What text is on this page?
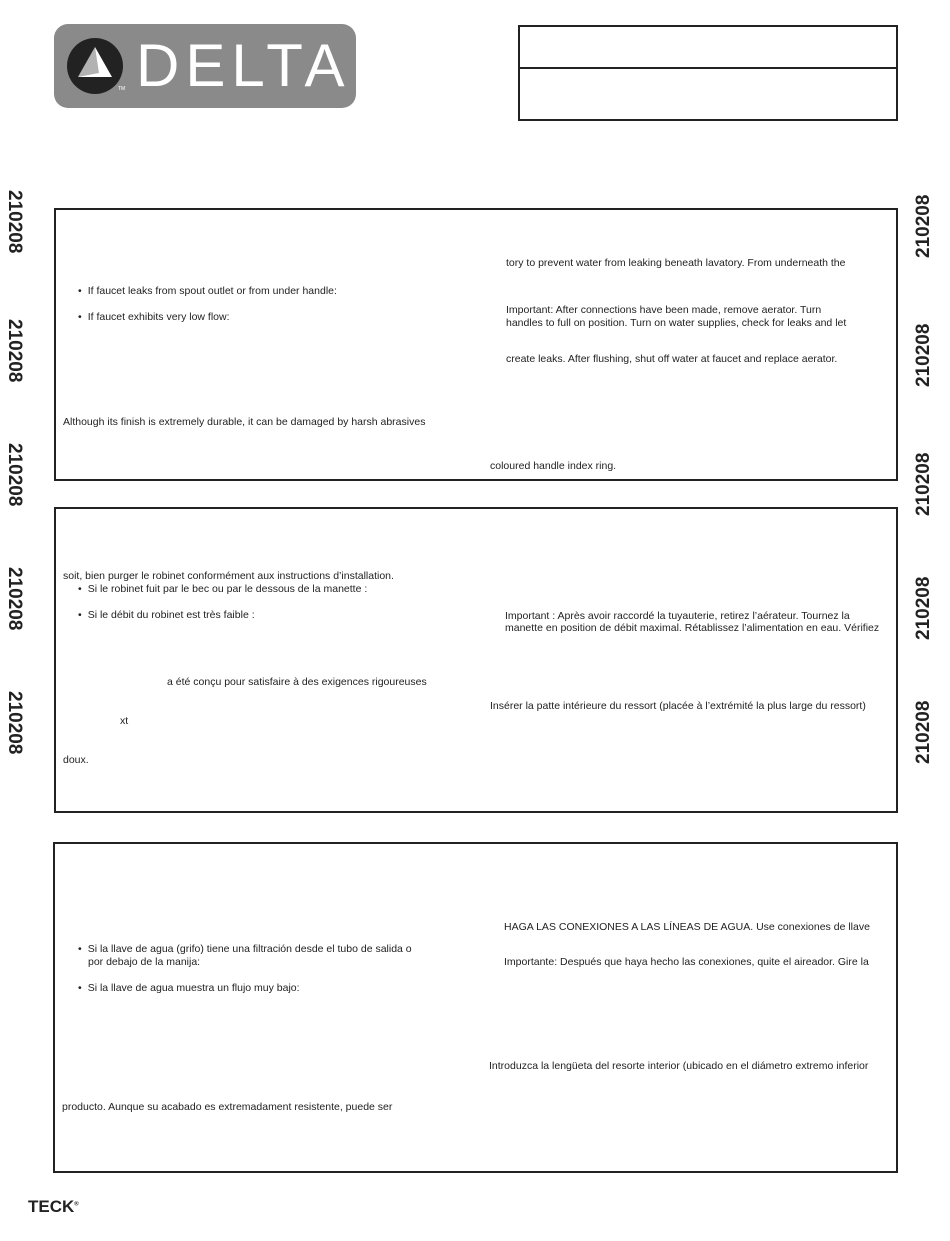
TM DELTA	®
210208
210208
210208
210208
210208
210208
210208
210208
210208
210208
• If faucet leaks from spout outlet or from under handle:
• If faucet exhibits very low flow:
Although its finish is extremely durable, it can be damaged by harsh abrasives
tory to prevent water from leaking beneath lavatory. From underneath the
Important: After connections have been made, remove aerator. Turn
handles to full on position. Turn on water supplies, check for leaks and let
create leaks. After flushing, shut off water at faucet and replace aerator.
coloured handle index ring.
soit, bien purger le robinet conformément aux instructions d’installation.
• Si le robinet fuit par le bec ou par le dessous de la manette :
• Si le débit du robinet est très faible :
a été conçu pour satisfaire à des exigences rigoureuses
xt
doux.
Important : Après avoir raccordé la tuyauterie, retirez l’aérateur. Tournez la
manette en position de débit maximal. Rétablissez l’alimentation en eau. Vérifiez
Insérer la patte intérieure du ressort (placée à l’extrémité la plus large du ressort)
• Si la llave de agua (grifo) tiene una filtración desde el tubo de salida o
por debajo de la manija:
• Si la llave de agua muestra un flujo muy bajo:
producto. Aunque su acabado es extremadament resistente, puede ser
HAGA LAS CONEXIONES A LAS LÍNEAS DE AGUA. Use conexiones de llave
Importante: Después que haya hecho las conexiones, quite el aireador. Gire la
Introduzca la lengüeta del resorte interior (ubicado en el diámetro extremo inferior
TECK®
